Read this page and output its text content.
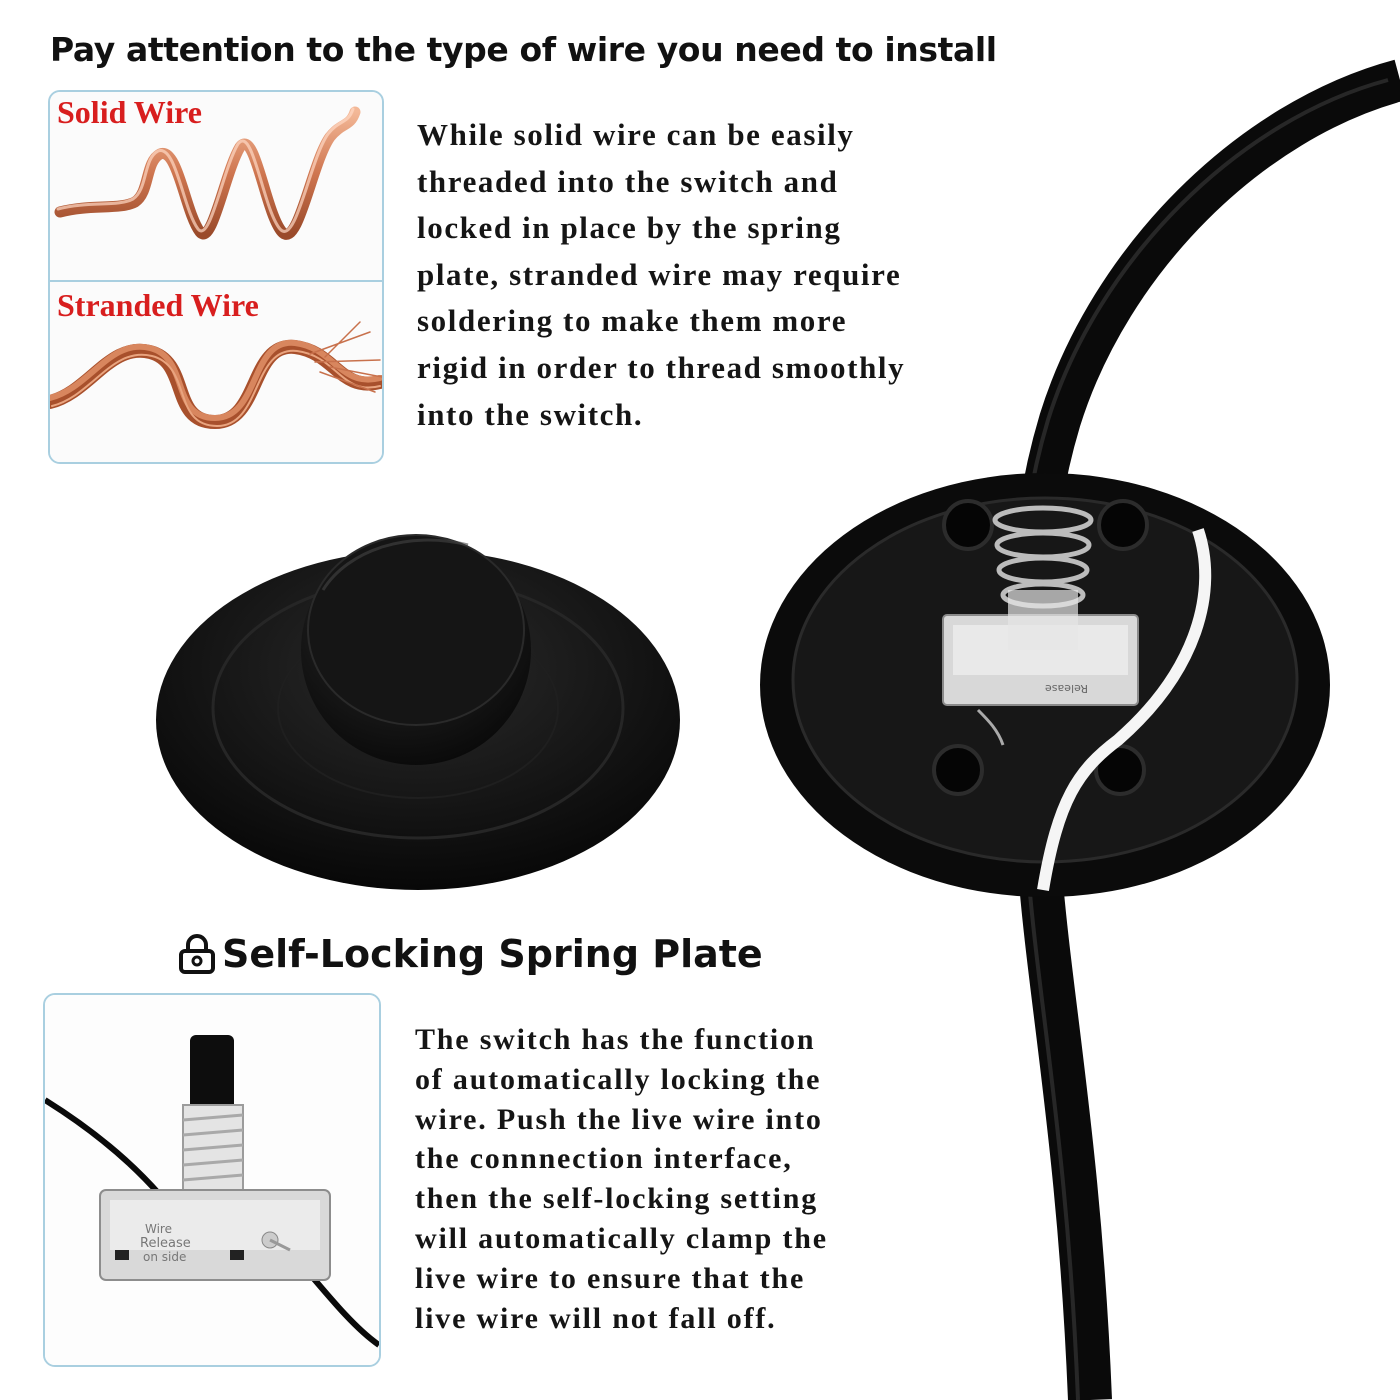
Pay attention to the type of wire you need to install
Solid Wire
Stranded Wire
While solid wire can be easily
threaded into the switch and
locked in place by the spring
plate, stranded wire may require
soldering to make them more
rigid in order to thread smoothly
into the switch.
Release
Self-Locking Spring Plate
Wire
Release
on side
The switch has the function
of automatically locking the
wire. Push the live wire into
the connnection interface,
then the self-locking setting
will automatically clamp the
live wire to ensure that the
live wire will not fall off.
